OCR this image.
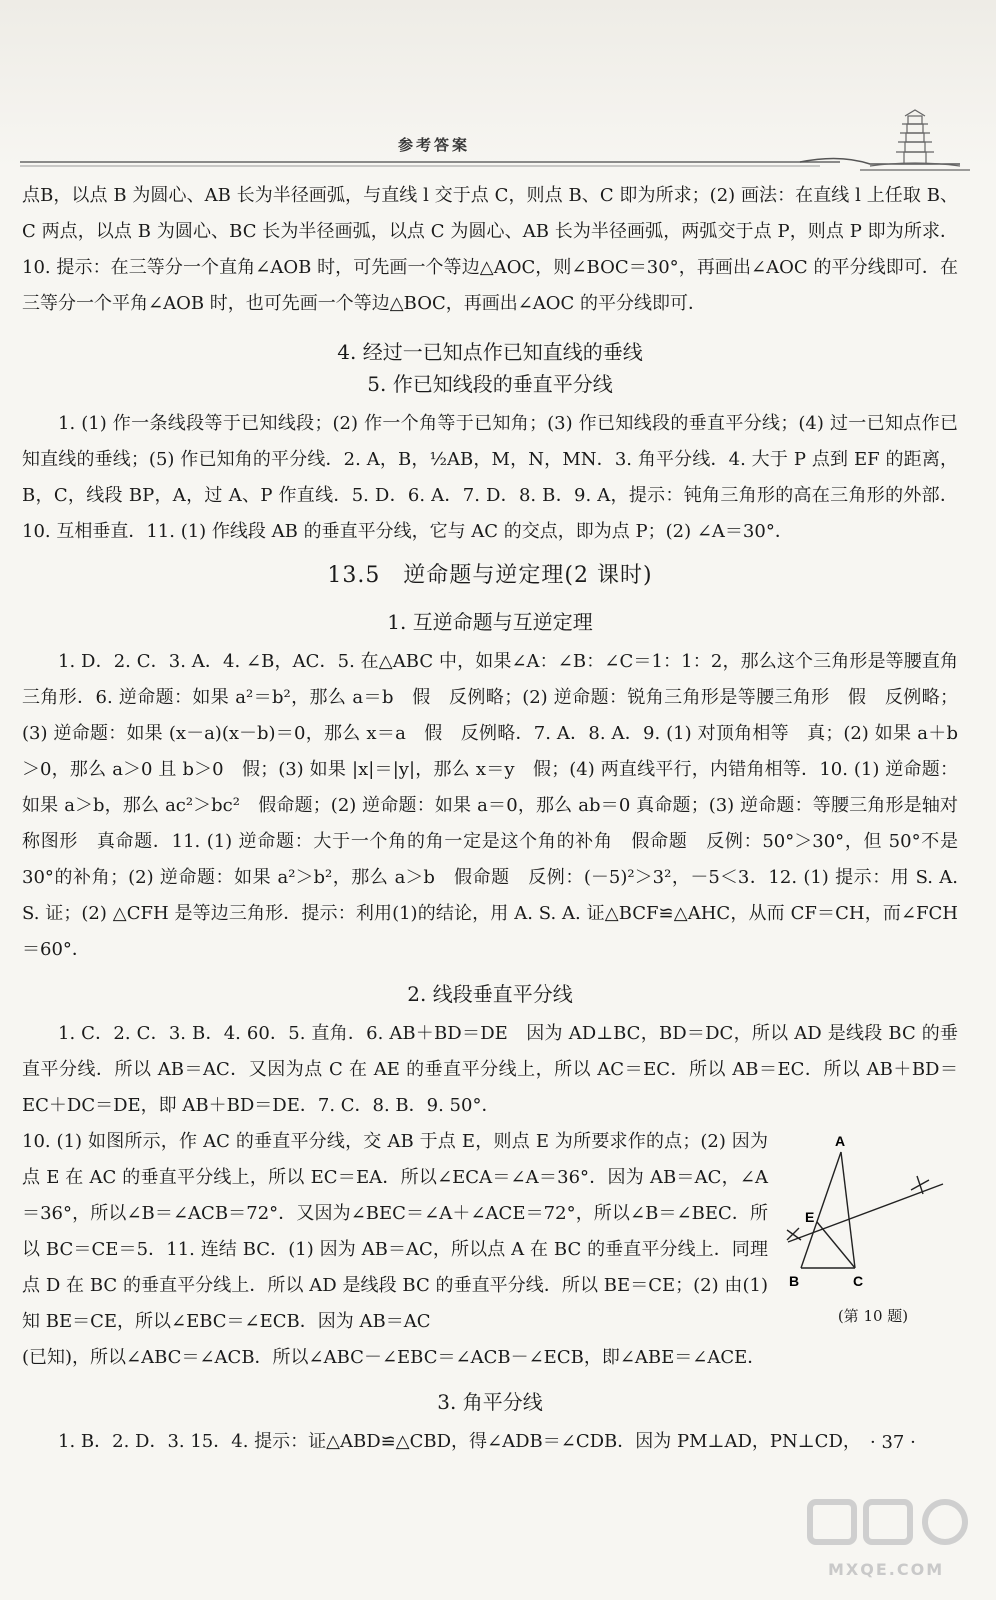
参考答案

点B，以点 B 为圆心、AB 长为半径画弧，与直线 l 交于点 C，则点 B、C 即为所求；(2) 画法：在直线 l 上任取 B、C 两点，以点 B 为圆心、BC 长为半径画弧，以点 C 为圆心、AB 长为半径画弧，两弧交于点 P，则点 P 即为所求．10. 提示：在三等分一个直角∠AOB 时，可先画一个等边△AOC，则∠BOC＝30°，再画出∠AOC 的平分线即可．在三等分一个平角∠AOB 时，也可先画一个等边△BOC，再画出∠AOC 的平分线即可．

4. 经过一已知点作已知直线的垂线
5. 作已知线段的垂直平分线

1. (1) 作一条线段等于已知线段；(2) 作一个角等于已知角；(3) 作已知线段的垂直平分线；(4) 过一已知点作已知直线的垂线；(5) 作已知角的平分线．2. A，B，½AB，M，N，MN．3. 角平分线．4. 大于 P 点到 EF 的距离，B，C，线段 BP，A，过 A、P 作直线．5. D．6. A．7. D．8. B．9. A，提示：钝角三角形的高在三角形的外部．10. 互相垂直．11. (1) 作线段 AB 的垂直平分线，它与 AC 的交点，即为点 P；(2) ∠A＝30°．

13.5　逆命题与逆定理(2 课时)
1. 互逆命题与互逆定理

1. D．2. C．3. A．4. ∠B，AC．5. 在△ABC 中，如果∠A：∠B：∠C＝1：1：2，那么这个三角形是等腰直角三角形．6. 逆命题：如果 a²＝b²，那么 a＝b　假　反例略；(2) 逆命题：锐角三角形是等腰三角形　假　反例略；(3) 逆命题：如果 (x－a)(x－b)＝0，那么 x＝a　假　反例略．7. A．8. A．9. (1) 对顶角相等　真；(2) 如果 a＋b＞0，那么 a＞0 且 b＞0　假；(3) 如果 |x|＝|y|，那么 x＝y　假；(4) 两直线平行，内错角相等．10. (1) 逆命题：如果 a＞b，那么 ac²＞bc²　假命题；(2) 逆命题：如果 a＝0，那么 ab＝0 真命题；(3) 逆命题：等腰三角形是轴对称图形　真命题．11. (1) 逆命题：大于一个角的角一定是这个角的补角　假命题　反例：50°＞30°，但 50°不是 30°的补角；(2) 逆命题：如果 a²＞b²，那么 a＞b　假命题　反例：(－5)²＞3²，－5＜3．12. (1) 提示：用 S. A. S. 证；(2) △CFH 是等边三角形．提示：利用(1)的结论，用 A. S. A. 证△BCF≌△AHC，从而 CF＝CH，而∠FCH＝60°．

2. 线段垂直平分线

1. C．2. C．3. B．4. 60．5. 直角．6. AB＋BD＝DE　因为 AD⊥BC，BD＝DC，所以 AD 是线段 BC 的垂直平分线．所以 AB＝AC．又因为点 C 在 AE 的垂直平分线上，所以 AC＝EC．所以 AB＝EC．所以 AB＋BD＝EC＋DC＝DE，即 AB＋BD＝DE．7. C．8. B．9. 50°．

A
E
B	C
(第 10 题)

10. (1) 如图所示，作 AC 的垂直平分线，交 AB 于点 E，则点 E 为所要求作的点；(2) 因为点 E 在 AC 的垂直平分线上，所以 EC＝EA．所以∠ECA＝∠A＝36°．因为 AB＝AC，∠A＝36°，所以∠B＝∠ACB＝72°．又因为∠BEC＝∠A＋∠ACE＝72°，所以∠B＝∠BEC．所以 BC＝CE＝5．11. 连结 BC．(1) 因为 AB＝AC，所以点 A 在 BC 的垂直平分线上．同理点 D 在 BC 的垂直平分线上．所以 AD 是线段 BC 的垂直平分线．所以 BE＝CE；(2) 由(1) 知 BE＝CE，所以∠EBC＝∠ECB．因为 AB＝AC

(已知)，所以∠ABC＝∠ACB．所以∠ABC－∠EBC＝∠ACB－∠ECB，即∠ABE＝∠ACE．

3. 角平分线

1. B．2. D．3. 15．4. 提示：证△ABD≌△CBD，得∠ADB＝∠CDB．因为 PM⊥AD，PN⊥CD， · 37 ·
MXQE.COM
